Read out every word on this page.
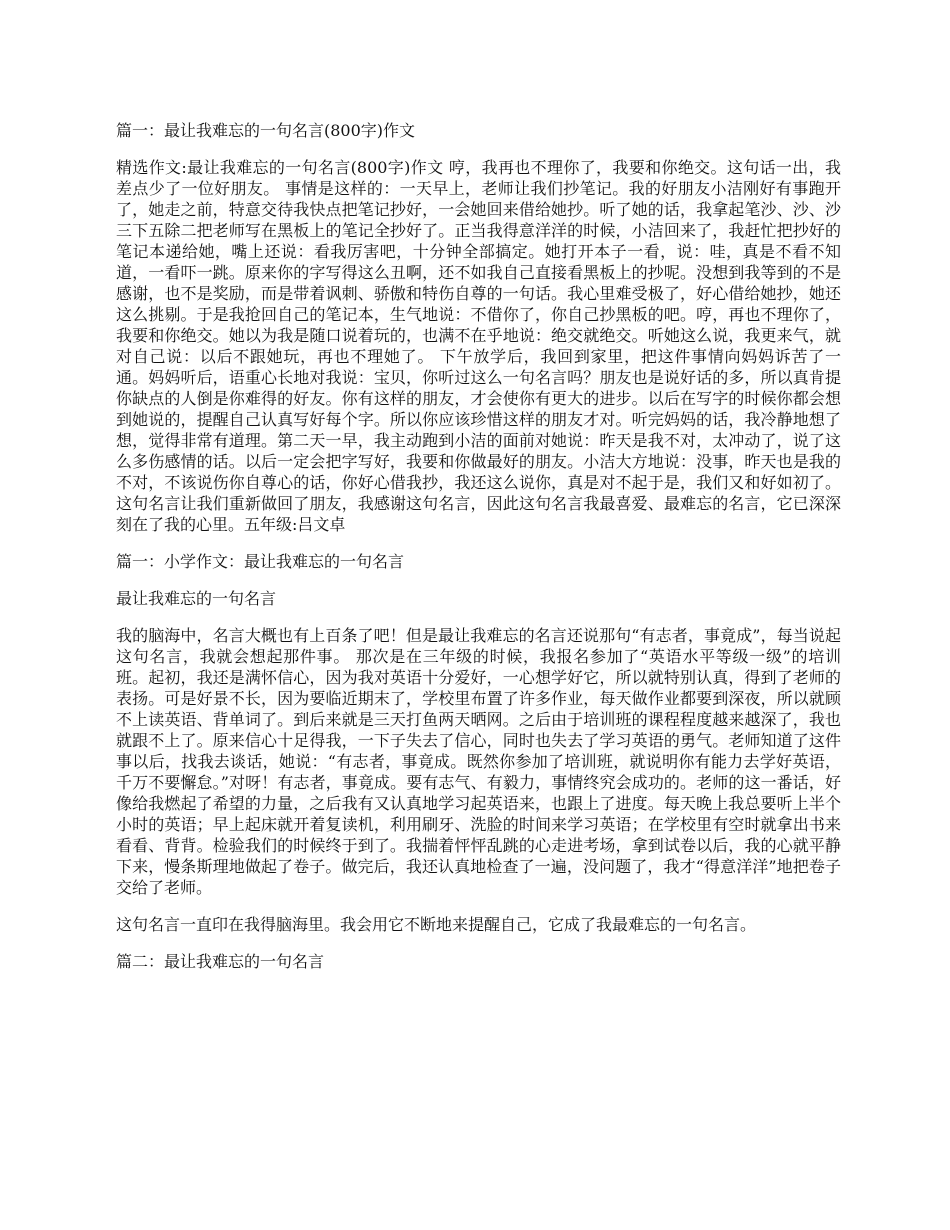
篇一：最让我难忘的一句名言(800字)作文

精选作文:最让我难忘的一句名言(800字)作文 哼，我再也不理你了，我要和你绝交。这句话一出，我差点少了一位好朋友。 事情是这样的：一天早上，老师让我们抄笔记。我的好朋友小洁刚好有事跑开了，她走之前，特意交待我快点把笔记抄好，一会她回来借给她抄。听了她的话，我拿起笔沙、沙、沙三下五除二把老师写在黑板上的笔记全抄好了。正当我得意洋洋的时候，小洁回来了，我赶忙把抄好的笔记本递给她，嘴上还说：看我厉害吧，十分钟全部搞定。她打开本子一看，说：哇，真是不看不知道，一看吓一跳。原来你的字写得这么丑啊，还不如我自己直接看黑板上的抄呢。没想到我等到的不是感谢，也不是奖励，而是带着讽刺、骄傲和特伤自尊的一句话。我心里难受极了，好心借给她抄，她还这么挑剔。于是我抢回自己的笔记本，生气地说：不借你了，你自己抄黑板的吧。哼，再也不理你了，我要和你绝交。她以为我是随口说着玩的，也满不在乎地说：绝交就绝交。听她这么说，我更来气，就对自己说：以后不跟她玩，再也不理她了。 下午放学后，我回到家里，把这件事情向妈妈诉苦了一通。妈妈听后，语重心长地对我说：宝贝，你听过这么一句名言吗？朋友也是说好话的多，所以真肯提你缺点的人倒是你难得的好友。你有这样的朋友，才会使你有更大的进步。以后在写字的时候你都会想到她说的，提醒自己认真写好每个字。所以你应该珍惜这样的朋友才对。听完妈妈的话，我冷静地想了想，觉得非常有道理。第二天一早，我主动跑到小洁的面前对她说：昨天是我不对，太冲动了，说了这么多伤感情的话。以后一定会把字写好，我要和你做最好的朋友。小洁大方地说：没事，昨天也是我的不对，不该说伤你自尊心的话，你好心借我抄，我还这么说你，真是对不起于是，我们又和好如初了。 这句名言让我们重新做回了朋友，我感谢这句名言，因此这句名言我最喜爱、最难忘的名言，它已深深刻在了我的心里。五年级:吕文卓

篇一：小学作文：最让我难忘的一句名言

最让我难忘的一句名言

我的脑海中，名言大概也有上百条了吧！但是最让我难忘的名言还说那句“有志者，事竟成”，每当说起这句名言，我就会想起那件事。 那次是在三年级的时候，我报名参加了“英语水平等级一级”的培训班。起初，我还是满怀信心，因为我对英语十分爱好，一心想学好它，所以就特别认真，得到了老师的表扬。可是好景不长，因为要临近期末了，学校里布置了许多作业，每天做作业都要到深夜，所以就顾不上读英语、背单词了。到后来就是三天打鱼两天晒网。之后由于培训班的课程程度越来越深了，我也就跟不上了。原来信心十足得我，一下子失去了信心，同时也失去了学习英语的勇气。老师知道了这件事以后，找我去谈话，她说：“有志者，事竟成。既然你参加了培训班，就说明你有能力去学好英语，千万不要懈怠。”对呀！有志者，事竟成。要有志气、有毅力，事情终究会成功的。老师的这一番话，好像给我燃起了希望的力量，之后我有又认真地学习起英语来，也跟上了进度。每天晚上我总要听上半个小时的英语；早上起床就开着复读机，利用刷牙、洗脸的时间来学习英语；在学校里有空时就拿出书来看看、背背。检验我们的时候终于到了。我揣着怦怦乱跳的心走进考场，拿到试卷以后，我的心就平静下来，慢条斯理地做起了卷子。做完后，我还认真地检查了一遍，没问题了，我才“得意洋洋”地把卷子交给了老师。

这句名言一直印在我得脑海里。我会用它不断地来提醒自己，它成了我最难忘的一句名言。

篇二：最让我难忘的一句名言
